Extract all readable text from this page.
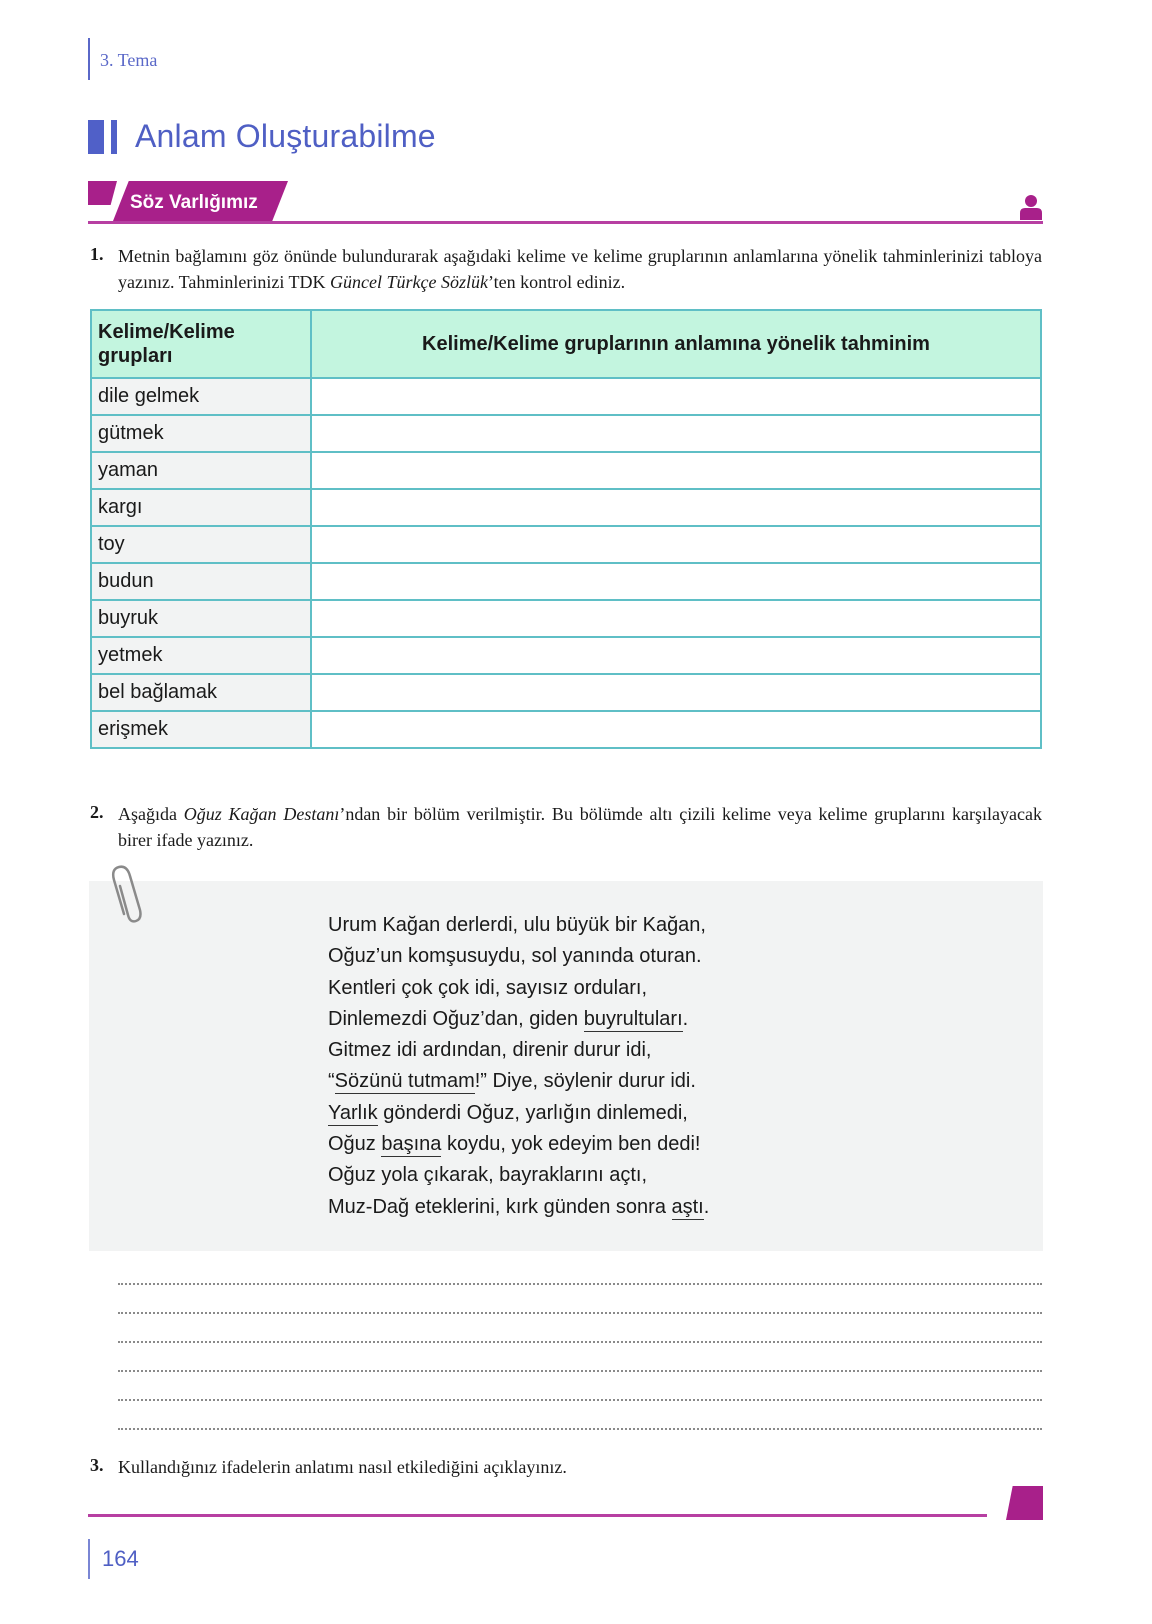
3. Tema
Anlam Oluşturabilme
Söz Varlığımız
1. Metnin bağlamını göz önünde bulundurarak aşağıdaki kelime ve kelime gruplarının anlamlarına yönelik tahminlerinizi tabloya yazınız. Tahminlerinizi TDK Güncel Türkçe Sözlük’ten kontrol ediniz.
Kelime/Kelime grupları	Kelime/Kelime gruplarının anlamına yönelik tahminim
dile gelmek	
gütmek	
yaman	
kargı	
toy	
budun	
buyruk	
yetmek	
bel bağlamak	
erişmek	
2. Aşağıda Oğuz Kağan Destanı’ndan bir bölüm verilmiştir. Bu bölümde altı çizili kelime veya kelime gruplarını karşılayacak birer ifade yazınız.
Urum Kağan derlerdi, ulu büyük bir Kağan,
Oğuz’un komşusuydu, sol yanında oturan.
Kentleri çok çok idi, sayısız orduları,
Dinlemezdi Oğuz’dan, giden buyrultuları.
Gitmez idi ardından, direnir durur idi,
“Sözünü tutmam!” Diye, söylenir durur idi.
Yarlık gönderdi Oğuz, yarlığın dinlemedi,
Oğuz başına koydu, yok edeyim ben dedi!
Oğuz yola çıkarak, bayraklarını açtı,
Muz-Dağ eteklerini, kırk günden sonra aştı.
3. Kullandığınız ifadelerin anlatımı nasıl etkilediğini açıklayınız.
164
